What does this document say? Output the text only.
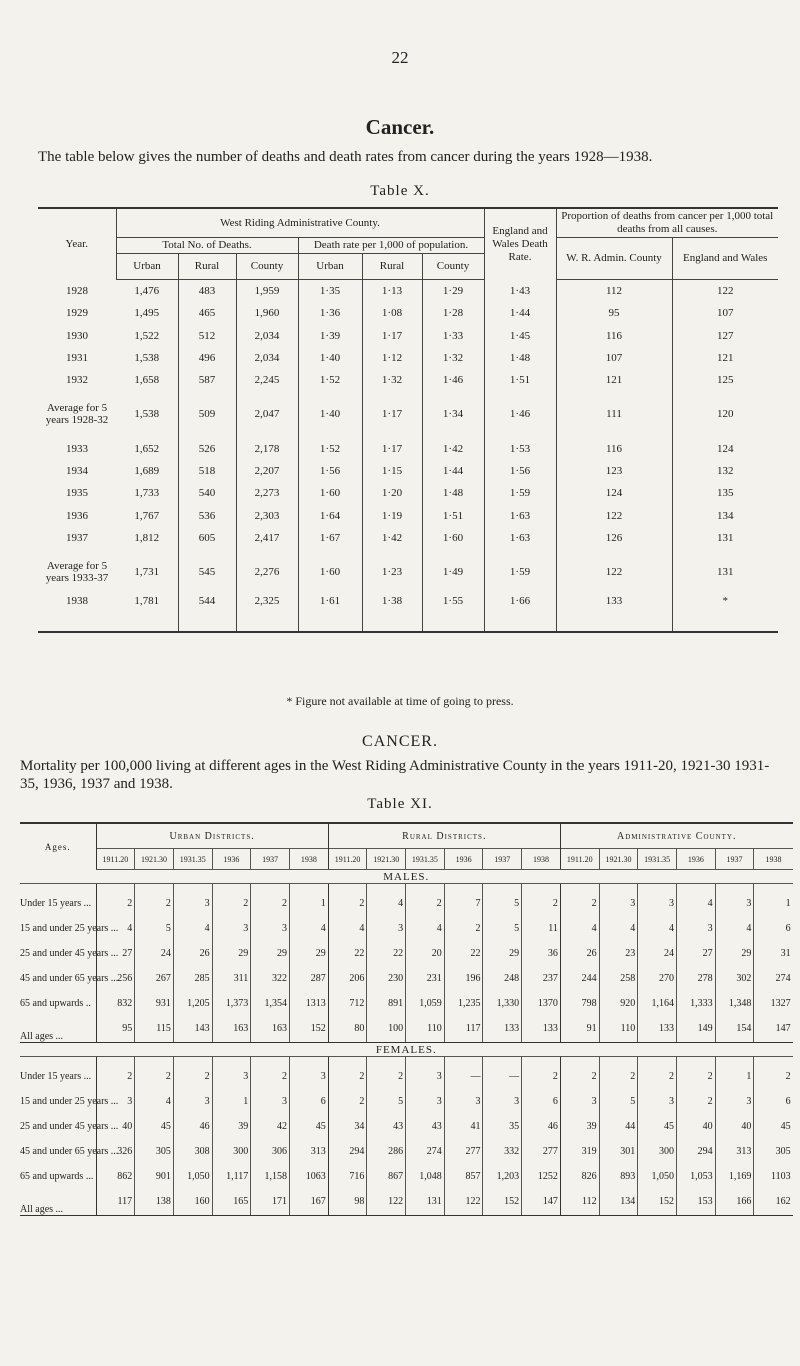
22
Cancer.
The table below gives the number of deaths and death rates from cancer during the years 1928—1938.
Table X.
Year.	West Riding Administrative County.						England and Wales Death Rate.	Proportion of deaths from cancer per 1,000 total deaths from all causes.	
	Total No. of Deaths.			Death rate per 1,000 of population.				W. R. Admin. County	England and Wales
	Urban	Rural	County	Urban	Rural	County			
1928	1,476	483	1,959	1·35	1·13	1·29	1·43	112	122
1929	1,495	465	1,960	1·36	1·08	1·28	1·44	95	107
1930	1,522	512	2,034	1·39	1·17	1·33	1·45	116	127
1931	1,538	496	2,034	1·40	1·12	1·32	1·48	107	121
1932	1,658	587	2,245	1·52	1·32	1·46	1·51	121	125
Average for 5 years 1928-32	1,538	509	2,047	1·40	1·17	1·34	1·46	111	120
1933	1,652	526	2,178	1·52	1·17	1·42	1·53	116	124
1934	1,689	518	2,207	1·56	1·15	1·44	1·56	123	132
1935	1,733	540	2,273	1·60	1·20	1·48	1·59	124	135
1936	1,767	536	2,303	1·64	1·19	1·51	1·63	122	134
1937	1,812	605	2,417	1·67	1·42	1·60	1·63	126	131
Average for 5 years 1933-37	1,731	545	2,276	1·60	1·23	1·49	1·59	122	131
1938	1,781	544	2,325	1·61	1·38	1·55	1·66	133	*
* Figure not available at time of going to press.
CANCER.
Mortality per 100,000 living at different ages in the West Riding Administrative County in the years 1911-20, 1921-30 1931-35, 1936, 1937 and 1938.
Table XI.
Ages.	Urban Districts.						Rural Districts.						Administrative County.					
	1911.20	1921.30	1931.35	1936	1937	1938	1911.20	1921.30	1931.35	1936	1937	1938	1911.20	1921.30	1931.35	1936	1937	1938
MALES.																		
Under 15 years ...	2	2	3	2	2	1	2	4	2	7	5	2	2	3	3	4	3	1
15 and under 25 years ...	4	5	4	3	3	4	4	3	4	2	5	11	4	4	4	3	4	6
25 and under 45 years ...	27	24	26	29	29	29	22	22	20	22	29	36	26	23	24	27	29	31
45 and under 65 years ...	256	267	285	311	322	287	206	230	231	196	248	237	244	258	270	278	302	274
65 and upwards ..	832	931	1,205	1,373	1,354	1313	712	891	1,059	1,235	1,330	1370	798	920	1,164	1,333	1,348	1327
All ages ...	95	115	143	163	163	152	80	100	110	117	133	133	91	110	133	149	154	147
FEMALES.																		
Under 15 years ...	2	2	2	3	2	3	2	2	3	—	—	2	2	2	2	2	1	2
15 and under 25 years ...	3	4	3	1	3	6	2	5	3	3	3	6	3	5	3	2	3	6
25 and under 45 years ...	40	45	46	39	42	45	34	43	43	41	35	46	39	44	45	40	40	45
45 and under 65 years ...	326	305	308	300	306	313	294	286	274	277	332	277	319	301	300	294	313	305
65 and upwards ...	862	901	1,050	1,117	1,158	1063	716	867	1,048	857	1,203	1252	826	893	1,050	1,053	1,169	1103
All ages ...	117	138	160	165	171	167	98	122	131	122	152	147	112	134	152	153	166	162
